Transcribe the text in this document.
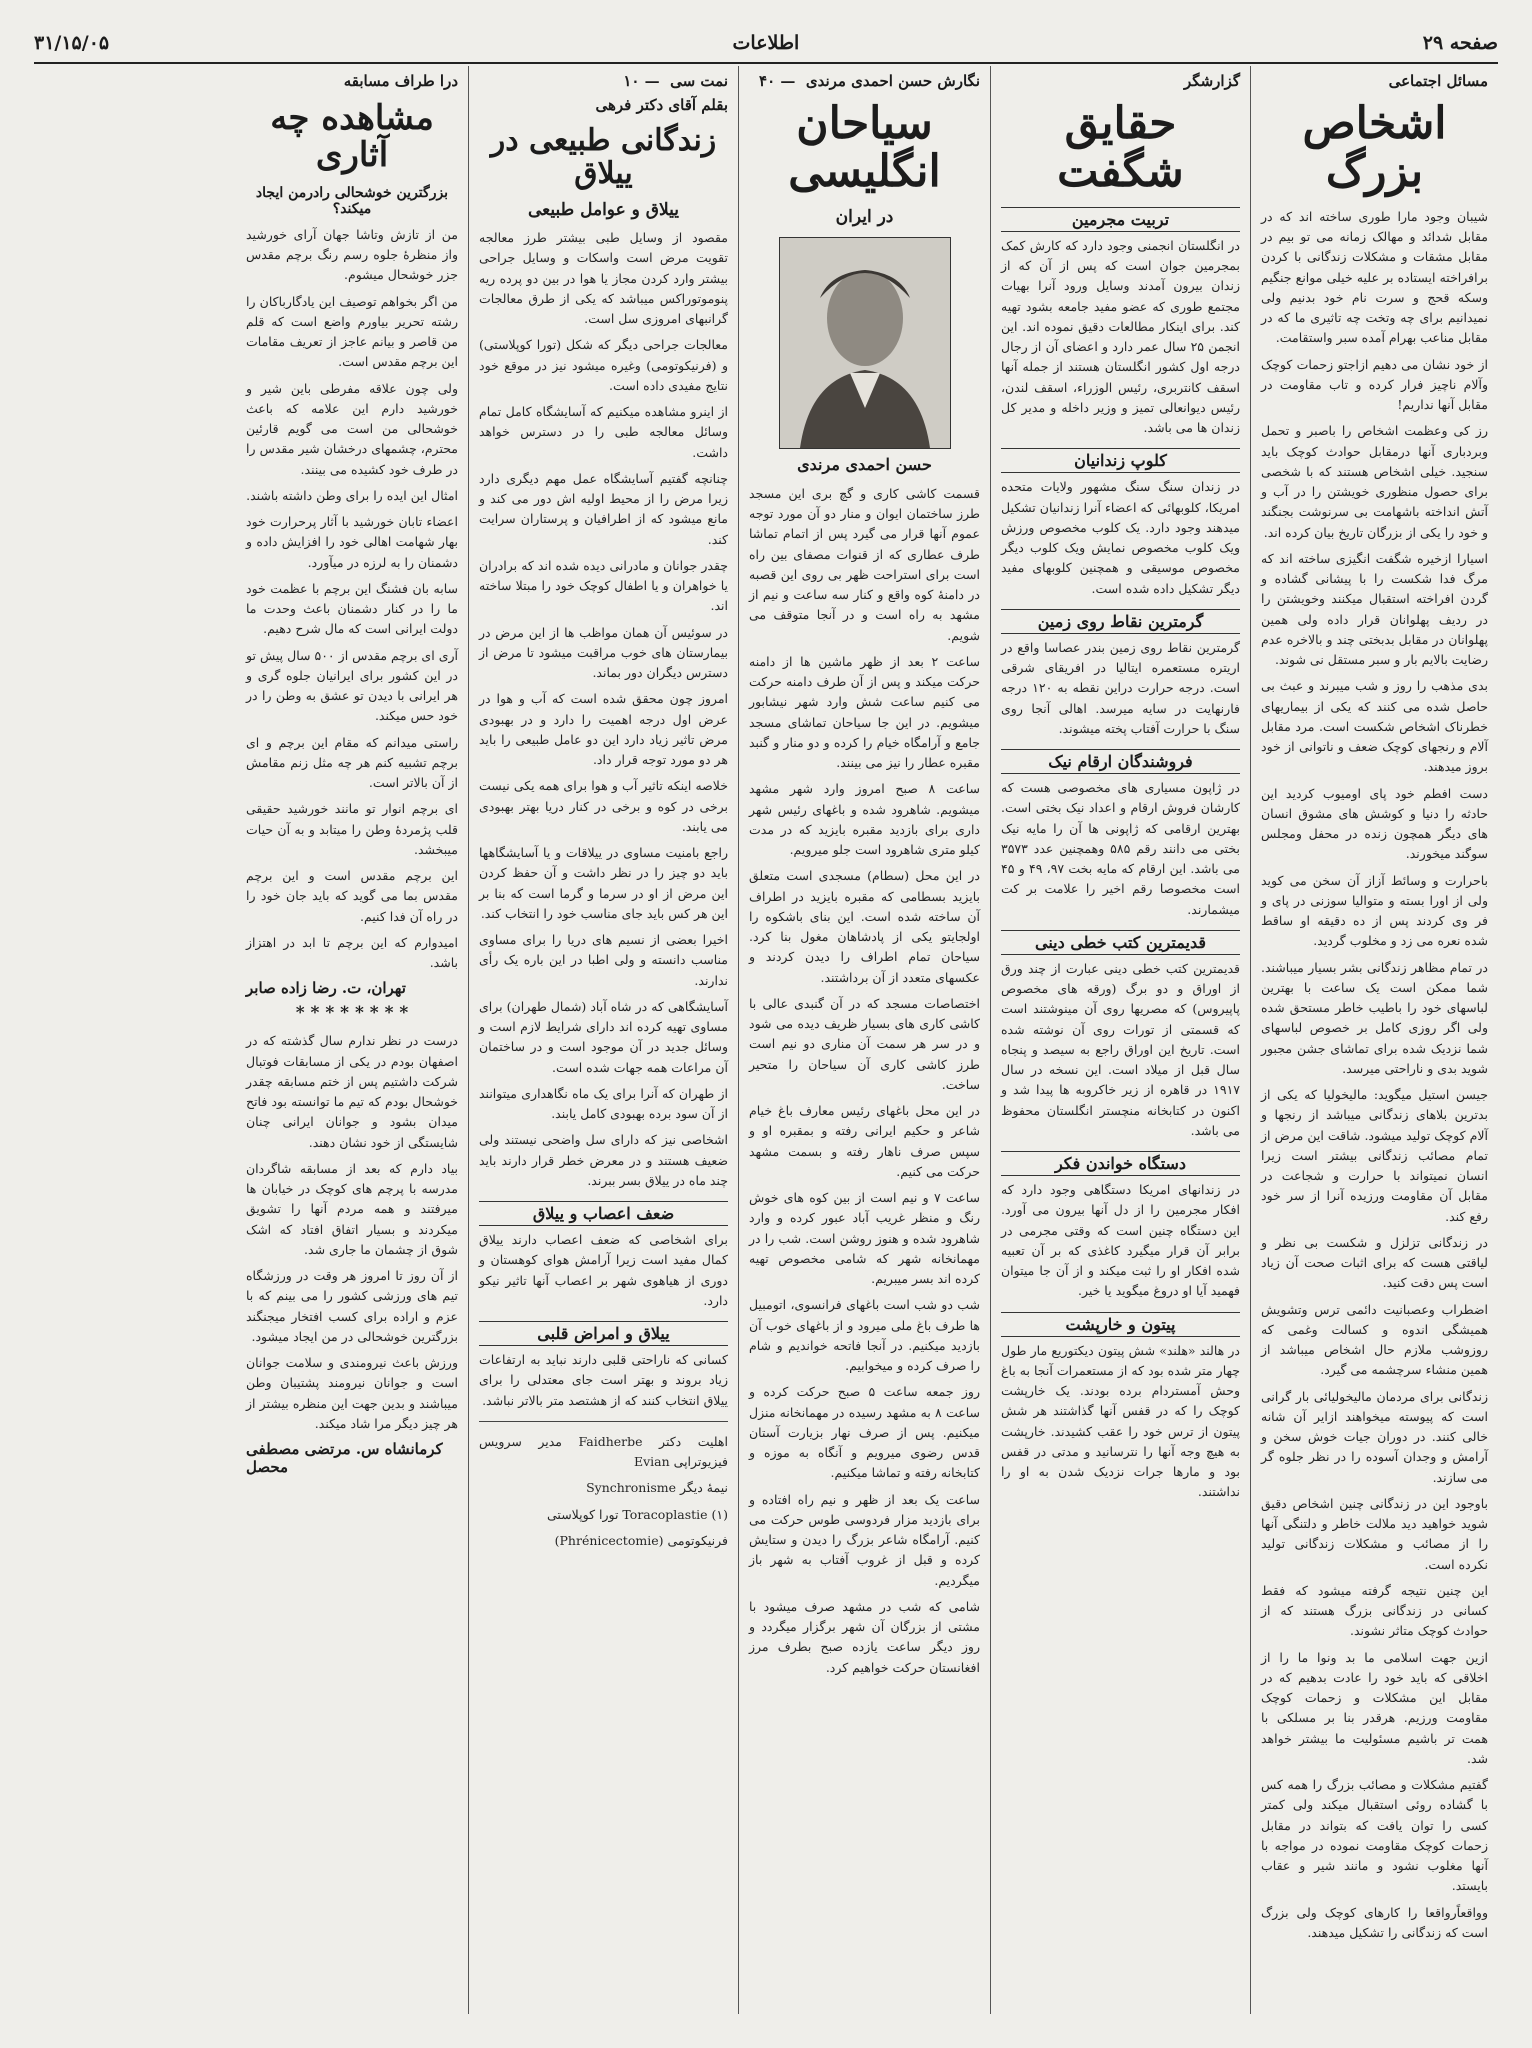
۳۱/۱۵/۰۵	اطلاعات	صفحه ۲۹
مسائل اجتماعی
اشخاص بزرگ

شیبان وجود مارا طوری ساخته اند که در مقابل شدائد و مهالک زمانه می تو بیم در مقابل مشقات و مشکلات زندگانی با کردن برافراخته ایستاده بر علیه خیلی موانع جنگیم وسکه قحج و سرت نام خود بدنیم ولی نمیدانیم برای چه وتخت چه تاثیری ما که در مقابل مناعب بهرام آمده سبر واستقامت.

از خود نشان می دهیم ازاجتو زحمات کوچک وآلام ناچیز فرار کرده و تاب مقاومت در مقابل آنها نداریم!

رز کی وعظمت اشخاص را باصبر و تحمل وبردباری آنها درمقابل حوادث کوچک باید سنجید. خیلی اشخاص هستند که با شخصی برای حصول منظوری خویشتن را در آب و آتش انداخته باشهامت بی سرنوشت بجنگند و خود را یکی از بزرگان تاریخ بیان کرده اند.

اسیارا ازخیره شگفت انگیزی ساخته اند که مرگ فدا شکست را با پیشانی گشاده و گردن افراخته استقبال میکنند وخویشتن را در ردیف پهلوانان قرار داده ولی همین پهلوانان در مقابل بدبختی چند و بالاخره عدم رضایت بالایم بار و سبر مستقل نی شوند.

بدی مذهب را روز و شب میبرند و عبث بی حاصل شده می کنند که یکی از بیماریهای خطرناک اشخاص شکست است. مرد مقابل آلام و رنجهای کوچک ضعف و ناتوانی از خود بروز میدهند.

دست افطم خود پای اومیوب کردید این حادثه را دنیا و کوشش های مشوق انسان های دیگر همچون زنده در محفل ومجلس سوگند میخورند.

باحرارت و وسائط آزاز آن سخن می کوید ولی از اورا بسته و متوالیا سوزنی در پای و فر وی کردند پس از ده دقیقه او ساقط شده نعره می زد و مخلوب گردید.

در تمام مظاهر زندگانی بشر بسیار میباشند. شما ممکن است یک ساعت با بهترین لباسهای خود را باطیب خاطر مستحق شده ولی اگر روزی کامل بر خصوص لباسهای شما نزدیک شده برای تماشای جشن مجبور شوید بدی و ناراحتی میرسد.

جیسن استیل میگوید: مالیخولیا که یکی از بدترین بلاهای زندگانی میباشد از رنجها و آلام کوچک تولید میشود. شاقت این مرض از تمام مصائب زندگانی بیشتر است زیرا انسان نمیتواند با حرارت و شجاعت در مقابل آن مقاومت ورزیده آنرا از سر خود رفع کند.

در زندگانی تزلزل و شکست بی نظر و لیاقتی هست که برای اثبات صحت آن زیاد است پس دقت کنید.

اضطراب وعصبانیت دائمی ترس وتشویش همیشگی اندوه و کسالت وغمی که روزوشب ملازم حال اشخاص میباشد از همین منشاء سرچشمه می گیرد.

زندگانی برای مردمان مالیخولیائی بار گرانی است که پیوسته میخواهند ازایر آن شانه خالی کنند. در دوران جیات خوش سخن و آرامش و وجدان آسوده را در نظر جلوه گر می سازند.

باوجود این در زندگانی چنین اشخاص دقیق شوید خواهید دید ملالت خاطر و دلتنگی آنها را از مصائب و مشکلات زندگانی تولید نکرده است.

این چنین نتیجه گرفته میشود که فقط کسانی در زندگانی بزرگ هستند که از حوادث کوچک متاثر نشوند.

ازین جهت اسلامی ما بد ونوا ما را از اخلاقی که باید خود را عادت بدهیم که در مقابل این مشکلات و زحمات کوچک مقاومت ورزیم. هرقدر بنا بر مسلکی با همت تر باشیم مسئولیت ما بیشتر خواهد شد.

گفتیم مشکلات و مصائب بزرگ را همه کس با گشاده روئی استقبال میکند ولی کمتر کسی را توان یافت که بتواند در مقابل زحمات کوچک مقاومت نموده در مواجه با آنها مغلوب نشود و مانند شیر و عقاب بایستد.

وواقعاًرواقعا را کارهای کوچک ولی بزرگ است که زندگانی را تشکیل میدهند.

گزارشگر
حقایق شگفت
تربیت مجرمین
در انگلستان انجمنی وجود دارد که کارش کمک بمجرمین جوان است که پس از آن که از زندان بیرون آمدند وسایل ورود آنرا بهیات مجتمع طوری که عضو مفید جامعه بشود تهیه کند. برای اینکار مطالعات دقیق نموده اند. این انجمن ۲۵ سال عمر دارد و اعضای آن از رجال درجه اول کشور انگلستان هستند از جمله آنها اسقف کانتربری، رئیس الوزراء، اسقف لندن، رئیس دیوانعالی تمیز و وزیر داخله و مدیر کل زندان ها می باشد.
کلوپ زندانیان
در زندان سنگ سنگ مشهور ولایات متحده امریکا، کلوبهائی که اعضاء آنرا زندانیان تشکیل میدهند وجود دارد. یک کلوب مخصوص ورزش ویک کلوب مخصوص نمایش ویک کلوب دیگر مخصوص موسیقی و همچنین کلوبهای مفید دیگر تشکیل داده شده است.
گرمترین نقاط روی زمین
گرمترین نقاط روی زمین بندر عصاسا واقع در اریتره مستعمره ایتالیا در افریقای شرقی است. درجه حرارت دراین نقطه به ۱۲۰ درجه فارنهایت در سایه میرسد. اهالی آنجا روی سنگ با حرارت آفتاب پخته میشوند.
فروشندگان ارقام نیک
در ژاپون مسیاری های مخصوصی هست که کارشان فروش ارقام و اعداد نیک بختی است. بهترین ارقامی که ژاپونی ها آن را مایه نیک بختی می دانند رقم ۵۸۵ وهمچنین عدد ۳۵۷۳ می باشد. این ارقام که مایه بخت ۹۷، ۴۹ و ۴۵ است مخصوصا رقم اخیر را علامت بر کت میشمارند.
قدیمترین کتب خطی دینی
قدیمترین کتب خطی دینی عبارت از چند ورق از اوراق و دو برگ (ورقه های مخصوص پاپیروس) که مصریها روی آن مینوشتند است که قسمتی از تورات روی آن نوشته شده است. تاریخ این اوراق راجع به سیصد و پنجاه سال قبل از میلاد است. این نسخه در سال ۱۹۱۷ در قاهره از زیر خاکروبه ها پیدا شد و اکنون در کتابخانه منچستر انگلستان محفوظ می باشد.
دستگاه خواندن فکر
در زندانهای امریکا دستگاهی وجود دارد که افکار مجرمین را از دل آنها بیرون می آورد. این دستگاه چنین است که وقتی مجرمی در برابر آن قرار میگیرد کاغذی که بر آن تعبیه شده افکار او را ثبت میکند و از آن جا میتوان فهمید آیا او دروغ میگوید یا خیر.
پیتون و خارپشت
در هالند «هلند» شش پیتون دیکتوریع مار طول چهار متر شده بود که از مستعمرات آنجا به باغ وحش آمستردام برده بودند. یک خارپشت کوچک را که در قفس آنها گذاشتند هر شش پیتون از ترس خود را عقب کشیدند. خارپشت به هیچ وجه آنها را نترسانید و مدتی در قفس بود و مارها جرات نزدیک شدن به او را نداشتند.
نگارش حسن احمدی مرندی  — ۴۰
سیاحان انگلیسی
در ایران
حسن احمدی مرندی

قسمت کاشی کاری و گچ بری این مسجد طرز ساختمان ایوان و منار دو آن مورد توجه عموم آنها قرار می گیرد پس از اتمام تماشا طرف عطاری که از قنوات مصفای بین راه است برای استراحت ظهر بی روی این قصبه در دامنهٔ کوه واقع و کنار سه ساعت و نیم از مشهد به راه است و در آنجا متوقف می شویم.

ساعت ۲ بعد از ظهر ماشین ها از دامنه حرکت میکند و پس از آن طرف دامنه حرکت می کنیم ساعت شش وارد شهر نیشابور میشویم. در این جا سیاحان تماشای مسجد جامع و آرامگاه خیام را کرده و دو منار و گنبد مقبره عطار را نیز می بینند.

ساعت ۸ صبح امروز وارد شهر مشهد میشویم. شاهرود شده و باغهای رئیس شهر داری برای بازدید مقبره بایزید که در مدت کیلو متری شاهرود است جلو میرویم.

در این محل (سطام) مسجدی است متعلق بایزید بسطامی که مقبره بایزید در اطراف آن ساخته شده است. این بنای باشکوه را اولجایتو یکی از پادشاهان مغول بنا کرد. سیاحان تمام اطراف را دیدن کردند و عکسهای متعدد از آن برداشتند.

اختصاصات مسجد که در آن گنبدی عالی با کاشی کاری های بسیار ظریف دیده می شود و در سر هر سمت آن مناری دو نیم است طرز کاشی کاری آن سیاحان را متحیر ساخت.

در این محل باغهای رئیس معارف باغ خیام شاعر و حکیم ایرانی رفته و بمقبره او و سپس صرف ناهار رفته و بسمت مشهد حرکت می کنیم.

ساعت ۷ و نیم است از بین کوه های خوش رنگ و منظر غریب آباد عبور کرده و وارد شاهرود شده و هنوز روشن است. شب را در مهمانخانه شهر که شامی مخصوص تهیه کرده اند بسر میبریم.

شب دو شب است باغهای فرانسوی، اتومبیل ها طرف باغ ملی میرود و از باغهای خوب آن بازدید میکنیم. در آنجا فاتحه خواندیم و شام را صرف کرده و میخوابیم.

روز جمعه ساعت ۵ صبح حرکت کرده و ساعت ۸ به مشهد رسیده در مهمانخانه منزل میکنیم. پس از صرف نهار بزیارت آستان قدس رضوی میرویم و آنگاه به موزه و کتابخانه رفته و تماشا میکنیم.

ساعت یک بعد از ظهر و نیم راه افتاده و برای بازدید مزار فردوسی طوس حرکت می کنیم. آرامگاه شاعر بزرگ را دیدن و ستایش کرده و قبل از غروب آفتاب به شهر باز میگردیم.

شامی که شب در مشهد صرف میشود با مشتی از بزرگان آن شهر برگزار میگردد و روز دیگر ساعت یازده صبح بطرف مرز افغانستان حرکت خواهیم کرد.

نمت سی  — ۱۰
بقلم آقای دکتر فرهی
زندگانی طبیعی در ییلاق
ییلاق و عوامل طبیعی

مقصود از وسایل طبی بیشتر طرز معالجه تقویت مرض است واسکات و وسایل جراحی بیشتر وارد کردن مجاز یا هوا در بین دو پرده ریه پنوموتوراکس میباشد که یکی از طرق معالجات گرانبهای امروزی سل است.

معالجات جراحی دیگر که شکل (تورا کوپلاستی) و (فرنیکوتومی) وغیره میشود نیز در موقع خود نتایج مفیدی داده است.

از اینرو مشاهده میکنیم که آسایشگاه کامل تمام وسائل معالجه طبی را در دسترس خواهد داشت.

چنانچه گفتیم آسایشگاه عمل مهم دیگری دارد زیرا مرض را از محیط اولیه اش دور می کند و مانع میشود که از اطرافیان و پرستاران سرایت کند.

چقدر جوانان و مادرانی دیده شده اند که برادران یا خواهران و یا اطفال کوچک خود را مبتلا ساخته اند.

در سوئیس آن همان مواظب ها از این مرض در بیمارستان های خوب مراقبت میشود تا مرض از دسترس دیگران دور بماند.

امروز چون محقق شده است که آب و هوا در عرض اول درجه اهمیت را دارد و در بهبودی مرض تاثیر زیاد دارد این دو عامل طبیعی را باید هر دو مورد توجه قرار داد.

خلاصه اینکه تاثیر آب و هوا برای همه یکی نیست برخی در کوه و برخی در کنار دریا بهتر بهبودی می یابند.

راجع بامنیت مساوی در ییلاقات و یا آسایشگاهها باید دو چیز را در نظر داشت و آن حفظ کردن این مرض از او در سرما و گرما است که بنا بر این هر کس باید جای مناسب خود را انتخاب کند.

اخیرا بعضی از نسیم های دریا را برای مساوی مناسب دانسته و ولی اطبا در این باره یک رأی ندارند.

آسایشگاهی که در شاه آباد (شمال طهران) برای مساوی تهیه کرده اند دارای شرایط لازم است و وسائل جدید در آن موجود است و در ساختمان آن مراعات همه جهات شده است.

از طهران که آنرا برای یک ماه نگاهداری میتوانند از آن سود برده بهبودی کامل یابند.

اشخاصی نیز که دارای سل واضحی نیستند ولی ضعیف هستند و در معرض خطر قرار دارند باید چند ماه در ییلاق بسر ببرند.

ضعف اعصاب و ییلاق
برای اشخاصی که ضعف اعصاب دارند ییلاق کمال مفید است زیرا آرامش هوای کوهستان و دوری از هیاهوی شهر بر اعصاب آنها تاثیر نیکو دارد.
ییلاق و امراض قلبی
کسانی که ناراحتی قلبی دارند نباید به ارتفاعات زیاد بروند و بهتر است جای معتدلی را برای ییلاق انتخاب کنند که از هشتصد متر بالاتر نباشد.

اهلیت دکتر Faidherbe مدیر سرویس فیزیوتراپی Evian

نیمهٔ دیگر Synchronisme

Toracoplastie (۱) تورا کوپلاستی

فرنیکوتومی (Phrénicectomie)

درا طراف مسابقه
مشاهده چه آثاری
بزرگترین خوشحالی رادرمن ایجاد میکند؟

من از تازش وتاشا جهان آرای خورشید واز منظرهٔ جلوه رسم رنگ برچم مقدس جزر خوشحال میشوم.

من اگر بخواهم توصیف این یادگارباکان را رشته تحریر بیاورم واضع است که قلم من قاصر و بیانم عاجز از تعریف مقامات این برچم مقدس است.

ولی چون علاقه مفرطی باین شیر و خورشید دارم این علامه که باعث خوشحالی من است می گویم قارئین محترم، چشمهای درخشان شیر مقدس را در طرف خود کشیده می بینند.

امثال این ایده را برای وطن داشته باشند.

اعضاء تابان خورشید با آثار پرحرارت خود بهار شهامت اهالی خود را افزایش داده و دشمنان را به لرزه در میآورد.

سابه بان فشنگ این برچم با عظمت خود ما را در کنار دشمنان باعث وحدت ما دولت ایرانی است که مال شرح دهیم.

آری ای برچم مقدس از ۵۰۰ سال پیش تو در این کشور برای ایرانیان جلوه گری و هر ایرانی با دیدن تو عشق به وطن را در خود حس میکند.

راستی میدانم که مقام این برچم و ای برچم تشبیه کنم هر چه مثل زنم مقامش از آن بالاتر است.

ای برچم انوار تو مانند خورشید حقیقی قلب پژمردهٔ وطن را میتابد و به آن حیات میبخشد.

این برچم مقدس است و این برچم مقدس بما می گوید که باید جان خود را در راه آن فدا کنیم.

امیدوارم که این برچم تا ابد در اهتزاز باشد.

تهران، ت. رضا زاده صابر
* * * * * * * *

درست در نظر ندارم سال گذشته که در اصفهان بودم در یکی از مسابقات فوتبال شرکت داشتیم پس از ختم مسابقه چقدر خوشحال بودم که تیم ما توانسته بود فاتح میدان بشود و جوانان ایرانی چنان شایستگی از خود نشان دهند.

بیاد دارم که بعد از مسابقه شاگردان مدرسه با پرچم های کوچک در خیابان ها میرفتند و همه مردم آنها را تشویق میکردند و بسیار اتفاق افتاد که اشک شوق از چشمان ما جاری شد.

از آن روز تا امروز هر وقت در ورزشگاه تیم های ورزشی کشور را می بینم که با عزم و اراده برای کسب افتخار میجنگند بزرگترین خوشحالی در من ایجاد میشود.

ورزش باعث نیرومندی و سلامت جوانان است و جوانان نیرومند پشتیبان وطن میباشند و بدین جهت این منظره بیشتر از هر چیز دیگر مرا شاد میکند.

کرمانشاه س. مرتضی مصطفی محصل
